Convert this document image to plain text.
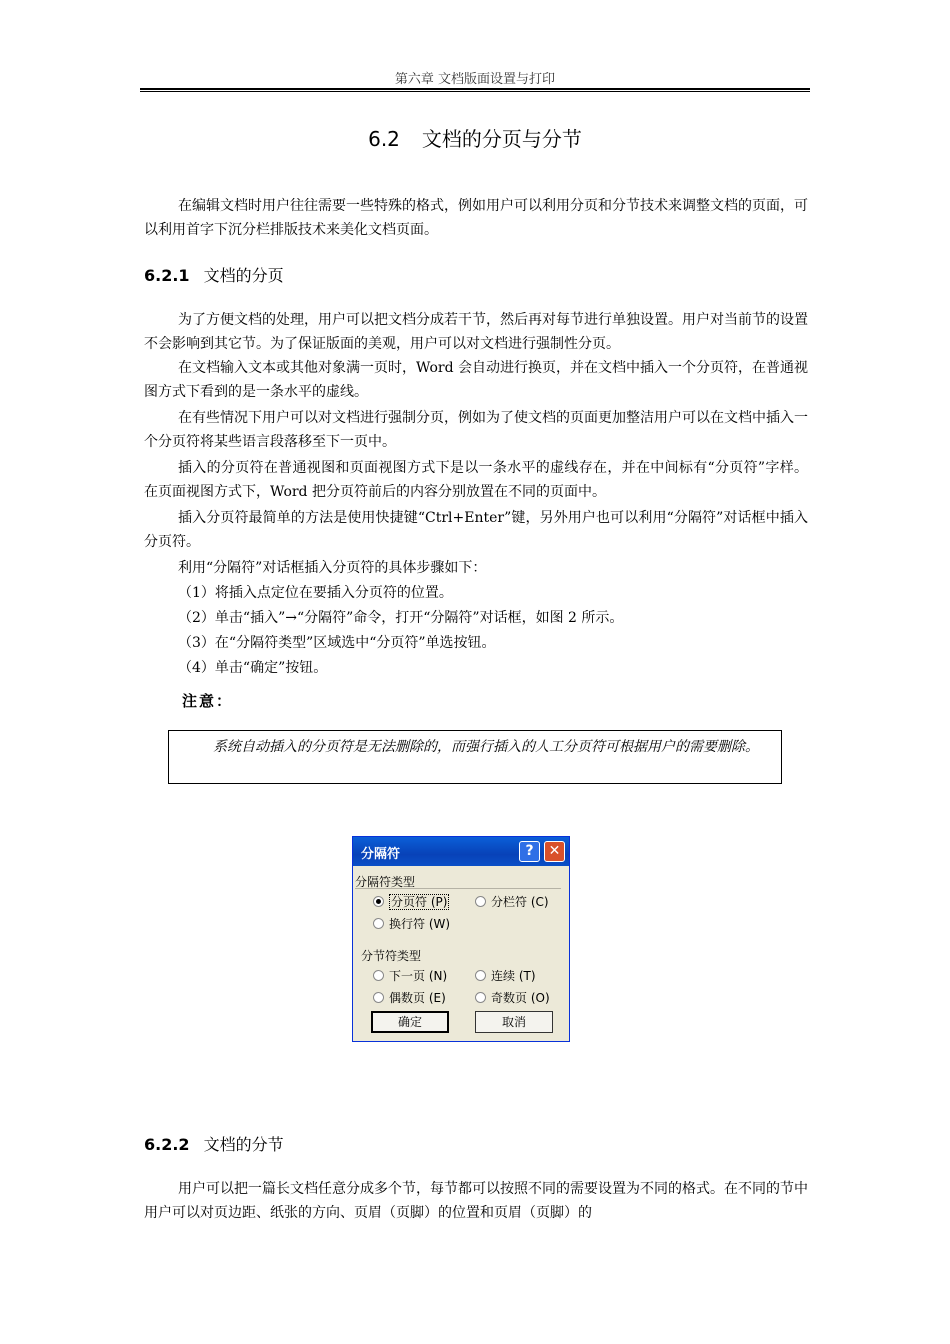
第六章 文档版面设置与打印
6.2 文档的分页与分节

在编辑文档时用户往往需要一些特殊的格式，例如用户可以利用分页和分节技术来调整文档的页面，可以利用首字下沉分栏排版技术来美化文档页面。

6.2.1 文档的分页

为了方便文档的处理，用户可以把文档分成若干节，然后再对每节进行单独设置。用户对当前节的设置不会影响到其它节。为了保证版面的美观，用户可以对文档进行强制性分页。

在文档输入文本或其他对象满一页时，Word 会自动进行换页，并在文档中插入一个分页符，在普通视图方式下看到的是一条水平的虚线。

在有些情况下用户可以对文档进行强制分页，例如为了使文档的页面更加整洁用户可以在文档中插入一个分页符将某些语言段落移至下一页中。

插入的分页符在普通视图和页面视图方式下是以一条水平的虚线存在，并在中间标有“分页符”字样。在页面视图方式下，Word 把分页符前后的内容分别放置在不同的页面中。

插入分页符最简单的方法是使用快捷键“Ctrl+Enter”键，另外用户也可以利用“分隔符”对话框中插入分页符。

利用“分隔符”对话框插入分页符的具体步骤如下：

（1）将插入点定位在要插入分页符的位置。
（2）单击“插入”→“分隔符”命令，打开“分隔符”对话框，如图 2 所示。
（3）在“分隔符类型”区域选中“分页符”单选按钮。
（4）单击“确定”按钮。
注意：
系统自动插入的分页符是无法删除的，而强行插入的人工分页符可根据用户的需要删除。
分隔符	?	✕
分隔符类型
分页符 (P)	分栏符 (C)
换行符 (W)
分节符类型
下一页 (N)	连续 (T)
偶数页 (E)	奇数页 (O)
确定	取消
6.2.2 文档的分节

用户可以把一篇长文档任意分成多个节，每节都可以按照不同的需要设置为不同的格式。在不同的节中用户可以对页边距、纸张的方向、页眉（页脚）的位置和页眉（页脚）的
